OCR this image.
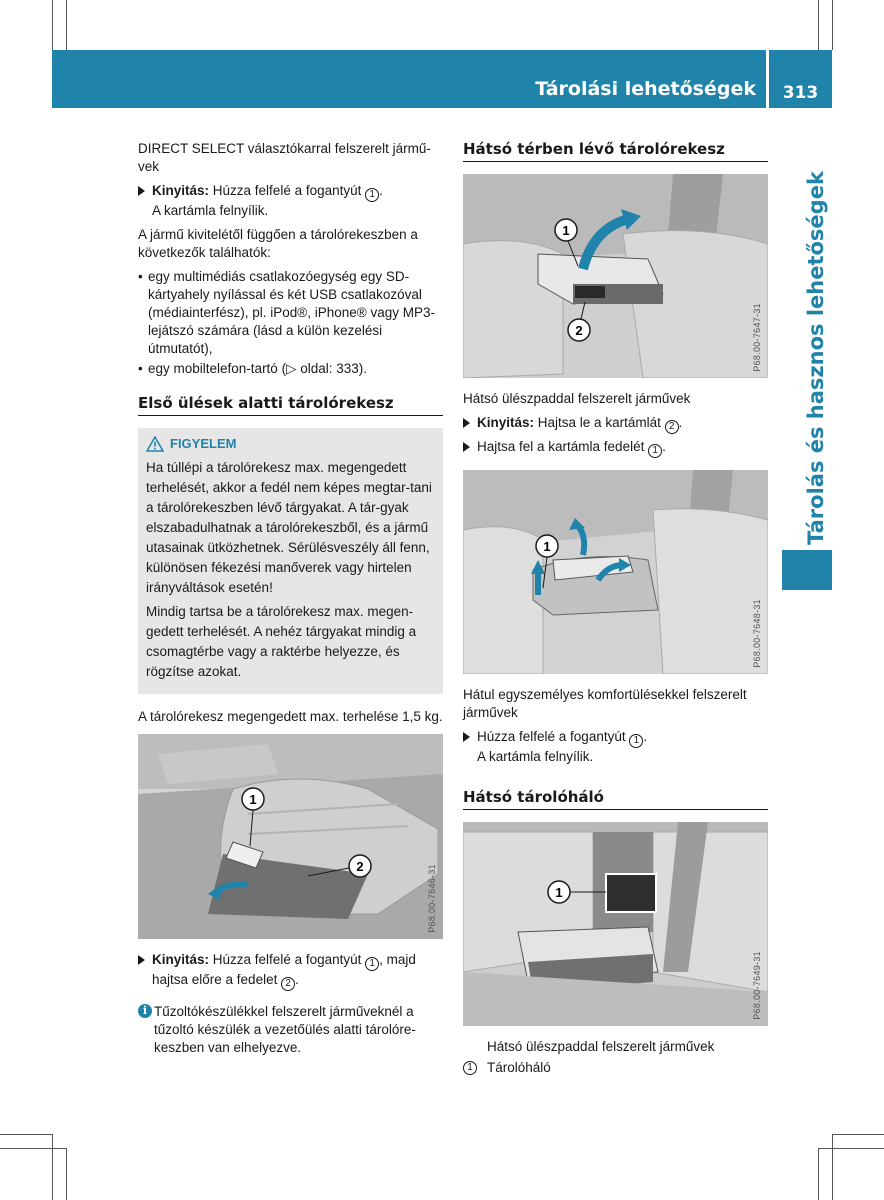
Tárolási lehetőségek	313
Tárolás és hasznos lehetőségek

DIRECT SELECT választókarral felszerelt jármű-vek

Kinyitás: Húzza felfelé a fogantyút 1 .
A kartámla felnyílik.

A jármű kivitelétől függően a tárolórekeszben a következők találhatók:

• egy multimédiás csatlakozóegység egy SD-kártyahely nyílással és két USB csatlakozóval (médiainterfész), pl. iPod®, iPhone® vagy MP3-lejátszó számára (lásd a külön kezelési útmutatót),
• egy mobiltelefon-tartó (▷ oldal: 333).
Első ülések alatti tárolórekesz
FIGYELEM

Ha túllépi a tárolórekesz max. megengedett terhelését, akkor a fedél nem képes megtar-tani a tárolórekeszben lévő tárgyakat. A tár-gyak elszabadulhatnak a tárolórekeszből, és a jármű utasainak ütközhetnek. Sérülésveszély áll fenn, különösen fékezési manőverek vagy hirtelen irányváltások esetén!

Mindig tartsa be a tárolórekesz max. megen-gedett terhelését. A nehéz tárgyakat mindig a csomagtérbe vagy a raktérbe helyezze, és rögzítse azokat.

A tárolórekesz megengedett max. terhelése 1,5 kg.

1
2	P68.00-7646-31
Kinyitás: Húzza felfelé a fogantyút 1 , majd hajtsa előre a fedelet 2 .
i Tűzoltókészülékkel felszerelt járműveknél a tűzoltó készülék a vezetőülés alatti tárolóre-keszben van elhelyezve.
Hátsó térben lévő tárolórekesz
1
2	P68.00-7647-31

Hátsó ülészpaddal felszerelt járművek

Kinyitás: Hajtsa le a kartámlát 2 .
Hajtsa fel a kartámla fedelét 1 .
1
P68.00-7648-31

Hátul egyszemélyes komfortülésekkel felszerelt járművek

Húzza felfelé a fogantyút 1 .
A kartámla felnyílik.
Hátsó tárolóháló
1
P68.00-7649-31

Hátsó ülészpaddal felszerelt járművek

1	Tárolóháló
